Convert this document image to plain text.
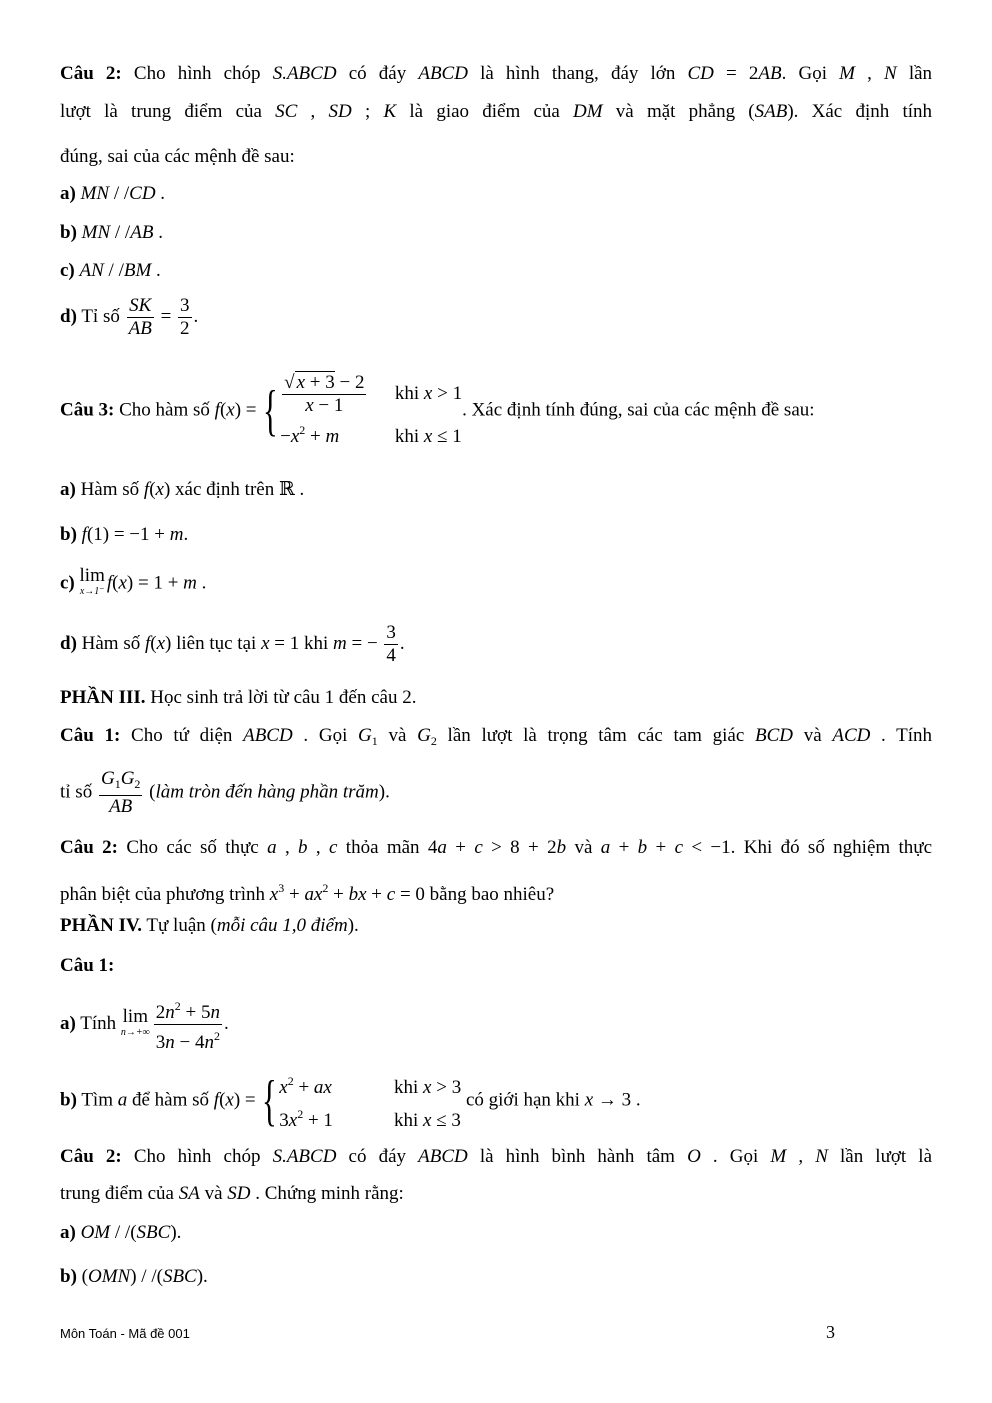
Câu 2: Cho hình chóp S.ABCD có đáy ABCD là hình thang, đáy lớn CD = 2AB. Gọi M , N lần
lượt là trung điểm của SC , SD ; K là giao điểm của DM và mặt phẳng (SAB). Xác định tính
đúng, sai của các mệnh đề sau:
a) MN / /CD .
b) MN / /AB .
c) AN / /BM .
d) Tỉ số $\frac{SK}{AB} = \frac{3}{2}$ .
Câu 3: Cho hàm số f(x) = { $\frac{√ x + 3 - 2}{x - 1}$ khi x > 1
$-x^2 + m$	khi x ≤ 1
. Xác định tính đúng, sai của các mệnh đề sau:
a) Hàm số f(x) xác định trên ℝ .
b) f(1) = −1 + m.
c) lim
x→1⁻ f(x) = 1 + m .
d) Hàm số f(x) liên tục tại x = 1 khi m = − $\frac{3}{4}$ .
PHẦN III. Học sinh trả lời từ câu 1 đến câu 2.
Câu 1: Cho tứ diện ABCD . Gọi $G_1$ và $G_2$ lần lượt là trọng tâm các tam giác BCD và ACD . Tính
tỉ số $\frac{G_1G_2}{AB}$ (làm tròn đến hàng phần trăm).
Câu 2: Cho các số thực a , b , c thỏa mãn 4a + c > 8 + 2b và a + b + c < −1. Khi đó số nghiệm thực
phân biệt của phương trình $x^3 + ax^2$ + bx + c = 0 bằng bao nhiêu?
PHẦN IV. Tự luận (mỗi câu 1,0 điểm).
Câu 1:
a) Tính lim
$n\to+\infty \frac{2n^2 + 5n}{3n - 4n^2}$ .
b) Tìm a để hàm số f(x) = { $x^2$ + ax	khi x > 3
$3x^2 + 1$	khi x ≤ 3
có giới hạn khi x → 3 .
Câu 2: Cho hình chóp S.ABCD có đáy ABCD là hình bình hành tâm O . Gọi M , N lần lượt là
trung điểm của SA và SD . Chứng minh rằng:
a) OM / /(SBC).
b) (OMN) / /(SBC).
Môn Toán - Mã đề 001	3
